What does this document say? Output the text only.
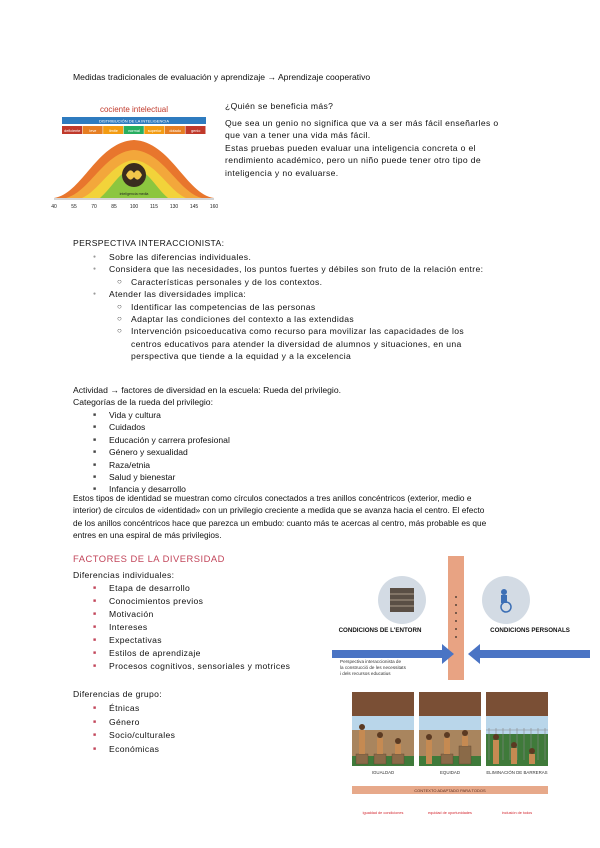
Medidas tradicionales de evaluación y aprendizaje → Aprendizaje cooperativo
cociente intelectual
DISTRIBUCIÓN DE LA INTELIGENCIA
deficiente leve	limite	normal superior dotado	genio
inteligencia media
40	55	70	85	100 115 130 145 160
¿Quién se beneficia más?
Que sea un genio no significa que va a ser más fácil enseñarles o
que van a tener una vida más fácil.
Estas pruebas pueden evaluar una inteligencia concreta o el
rendimiento académico, pero un niño puede tener otro tipo de
inteligencia y no evaluarse.
PERSPECTIVA INTERACCIONISTA:
● Sobre las diferencias individuales.
● Considera que las necesidades, los puntos fuertes y débiles son fruto de la relación entre:
○ Características personales y de los contextos.
● Atender las diversidades implica:
○ Identificar las competencias de las personas
○ Adaptar las condiciones del contexto a las extendidas
○ Intervención psicoeducativa como recurso para movilizar las capacidades de los
centros educativos para atender la diversidad de alumnos y situaciones, en una
perspectiva que tiende a la equidad y a la excelencia
Actividad → factores de diversidad en la escuela: Rueda del privilegio.
Categorías de la rueda del privilegio:
■ Vida y cultura
■ Cuidados
■ Educación y carrera profesional
■ Género y sexualidad
■ Raza/etnia
■ Salud y bienestar
■ Infancia y desarrollo
Estos tipos de identidad se muestran como círculos conectados a tres anillos concéntricos (exterior, medio e
interior) de círculos de «identidad» con un privilegio creciente a medida que se avanza hacia el centro. El efecto
de los anillos concéntricos hace que parezca un embudo: cuanto más te acercas al centro, más probable es que
entres en una espiral de más privilegios.
FACTORES DE LA DIVERSIDAD
Diferencias individuales:
■ Etapa de desarrollo
■ Conocimientos previos
■ Motivación
■ Intereses
■ Expectativas
■ Estilos de aprendizaje
■ Procesos cognitivos, sensoriales y motrices
Diferencias de grupo:
■ Étnicas
■ Género
■ Socio/culturales
■ Económicas
CONDICIONS DE L'ENTORN	CONDICIONS PERSONALS
Perspectiva interaccionista de
la construcció de les necessitats
i dels recursos educatius
IGUALDAD	EQUIDAD	ELIMINACIÓN DE BARRERAS
CONTEXTO ADAPTADO PARA TODOS
igualdad de condiciones	equidad de oportunidades	inclusión de todos
